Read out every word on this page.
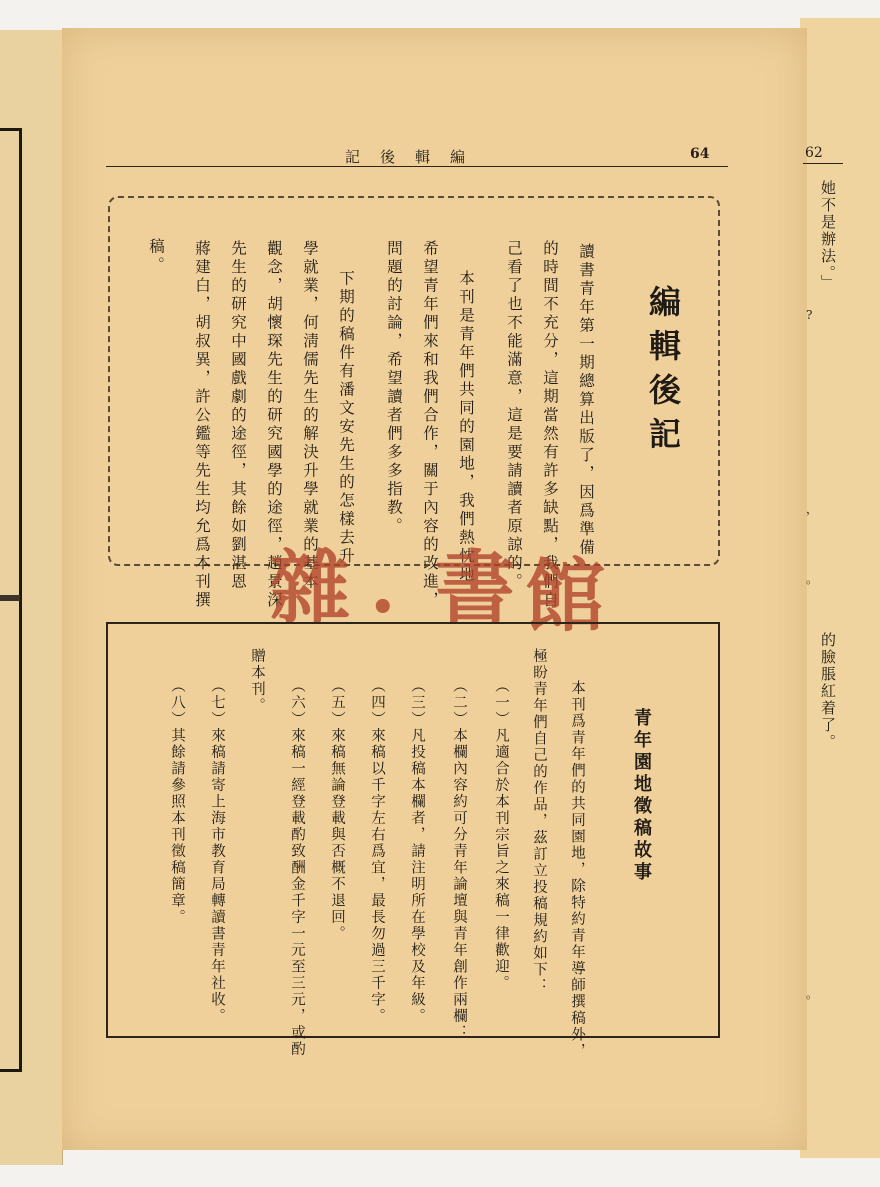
記後輯編	64	62
她不是辦法。」
的臉脹紅着了。
?
，
。
。
編輯後記
讀書青年第一期總算出版了，因爲準備
的時間不充分，這期當然有許多缺點，我們自
己看了也不能滿意，這是要請讀者原諒的。
本刊是青年們共同的園地，我們熱忱地
希望青年們來和我們合作，關于內容的改進，
問題的討論，希望讀者們多多指教。
下期的稿件有潘文安先生的怎樣去升
學就業，何淸儒先生的解決升學就業的基本
觀念，胡懷琛先生的研究國學的途徑，趙景深
先生的研究中國戲劇的途徑，其餘如劉湛恩
蔣建白，胡叔異，許公鑑等先生均允爲本刊撰
稿。
雜 • 書 館
青年園地徵稿故事
本刊爲青年們的共同園地，除特約青年導師撰稿外，
極盼青年們自己的作品，茲訂立投稿規約如下：
（一）凡適合於本刊宗旨之來稿一律歡迎。
（二）本欄內容約可分青年論壇與青年創作兩欄：
（三）凡投稿本欄者，請注明所在學校及年級。
（四）來稿以千字左右爲宜，最長勿過三千字。
（五）來稿無論登載與否概不退回。
（六）來稿一經登載酌致酬金千字一元至三元，或酌
贈本刊。
（七）來稿請寄上海市教育局轉讀書青年社收。
（八）其餘請參照本刊徵稿簡章。
